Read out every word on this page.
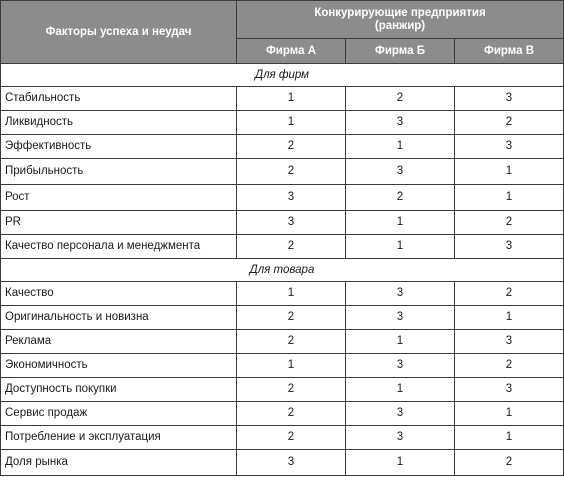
Факторы успеха и неудач	Конкурирующие предприятия
(ранжир)		

	Фирма А	Фирма Б	Фирма В
Для фирм			
Стабильность	1	2	3
Ликвидность	1	3	2
Эффективность	2	1	3
Прибыльность	2	3	1
Рост	3	2	1
PR	3	1	2
Качество персонала и менеджмента	2	1	3
Для товара			
Качество	1	3	2
Оригинальность и новизна	2	3	1
Реклама	2	1	3
Экономичность	1	3	2
Доступность покупки	2	1	3
Сервис продаж	2	3	1
Потребление и эксплуатация	2	3	1
Доля рынка	3	1	2
